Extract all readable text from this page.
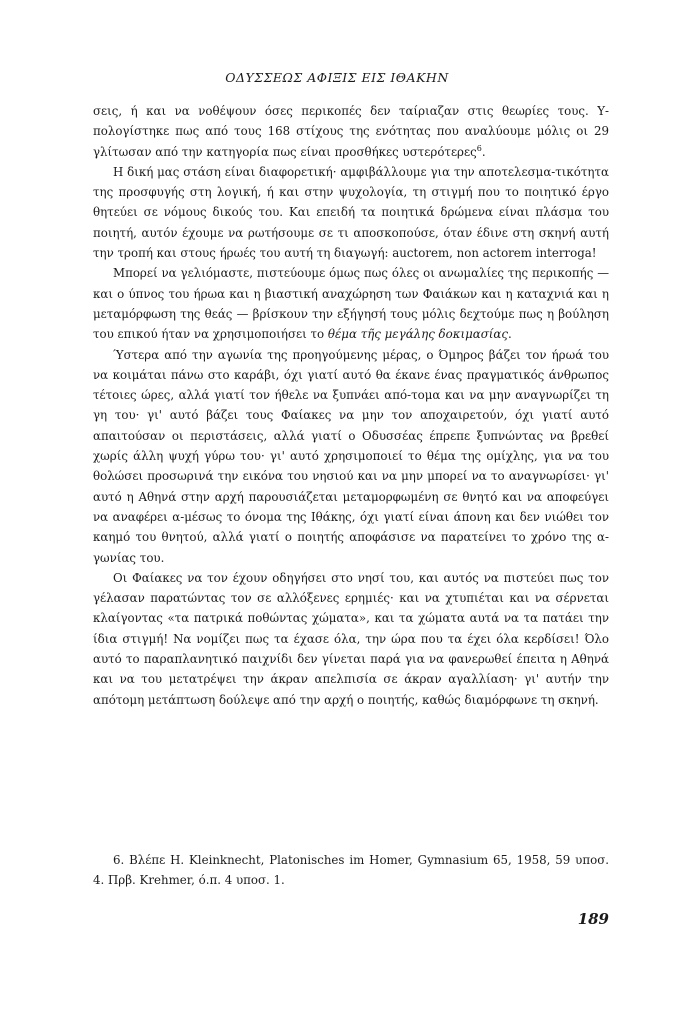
ΟΔΥΣΣΕΩΣ ΑΦΙΞΙΣ ΕΙΣ ΙΘΑΚΗΝ

σεις, ή και να νοθέψουν όσες περικοπές δεν ταίριαζαν στις θεωρίες τους. Υ-πολογίστηκε πως από τους 168 στίχους της ενότητας που αναλύουμε μόλις οι 29 γλίτωσαν από την κατηγορία πως είναι προσθήκες υστερότερες$^6$.

Η δική μας στάση είναι διαφορετική· αμφιβάλλουμε για την αποτελεσμα-τικότητα της προσφυγής στη λογική, ή και στην ψυχολογία, τη στιγμή που το ποιητικό έργο θητεύει σε νόμους δικούς του. Και επειδή τα ποιητικά δρώμενα είναι πλάσμα του ποιητή, αυτόν έχουμε να ρωτήσουμε σε τι αποσκοπούσε, όταν έδινε στη σκηνή αυτή την τροπή και στους ήρωές του αυτή τη διαγωγή: auctorem, non actorem interroga!

Μπορεί να γελιόμαστε, πιστεύουμε όμως πως όλες οι ανωμαλίες της περικοπής — και ο ύπνος του ήρωα και η βιαστική αναχώρηση των Φαιάκων και η καταχνιά και η μεταμόρφωση της θεάς — βρίσκουν την εξήγησή τους μόλις δεχτούμε πως η βούληση του επικού ήταν να χρησιμοποιήσει το θέμα τῆς μεγάλης δοκιμασίας.

Ύστερα από την αγωνία της προηγούμενης μέρας, ο Όμηρος βάζει τον ήρωά του να κοιμάται πάνω στο καράβι, όχι γιατί αυτό θα έκανε ένας πραγματικός άνθρωπος τέτοιες ώρες, αλλά γιατί τον ήθελε να ξυπνάει από-τομα και να μην αναγνωρίζει τη γη του· γι' αυτό βάζει τους Φαίακες να μην τον αποχαιρετούν, όχι γιατί αυτό απαιτούσαν οι περιστάσεις, αλλά γιατί ο Οδυσσέας έπρεπε ξυπνώντας να βρεθεί χωρίς άλλη ψυχή γύρω του· γι' αυτό χρησιμοποιεί το θέμα της ομίχλης, για να του θολώσει προσωρινά την εικόνα του νησιού και να μην μπορεί να το αναγνωρίσει· γι' αυτό η Αθηνά στην αρχή παρουσιάζεται μεταμορφωμένη σε θνητό και να αποφεύγει να αναφέρει α-μέσως το όνομα της Ιθάκης, όχι γιατί είναι άπονη και δεν νιώθει τον καημό του θνητού, αλλά γιατί ο ποιητής αποφάσισε να παρατείνει το χρόνο της α-γωνίας του.

Οι Φαίακες να τον έχουν οδηγήσει στο νησί του, και αυτός να πιστεύει πως τον γέλασαν παρατώντας τον σε αλλόξενες ερημιές· και να χτυπιέται και να σέρνεται κλαίγοντας «τα πατρικά ποθώντας χώματα», και τα χώματα αυτά να τα πατάει την ίδια στιγμή! Να νομίζει πως τα έχασε όλα, την ώρα που τα έχει όλα κερδίσει! Όλο αυτό το παραπλανητικό παιχνίδι δεν γίνεται παρά για να φανερωθεί έπειτα η Αθηνά και να του μετατρέψει την άκραν απελπισία σε άκραν αγαλλίαση· γι' αυτήν την απότομη μετάπτωση δούλεψε από την αρχή ο ποιητής, καθώς διαμόρφωνε τη σκηνή.

6. Βλέπε H. Kleinknecht, Platonisches im Homer, Gymnasium 65, 1958, 59 υποσ. 4. Πρβ. Krehmer, ό.π. 4 υποσ. 1.

189
